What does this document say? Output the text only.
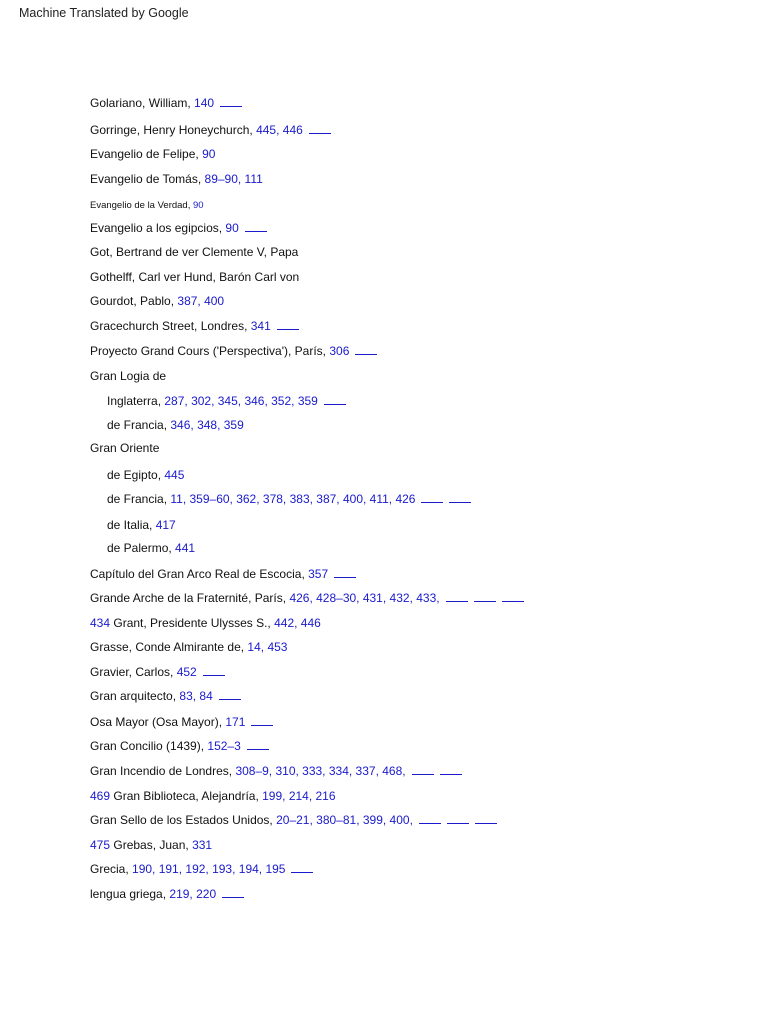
Machine Translated by Google
Golariano, William, 140
Gorringe, Henry Honeychurch, 445, 446
Evangelio de Felipe, 90
Evangelio de Tomás, 89–90, 111
Evangelio de la Verdad, 90
Evangelio a los egipcios, 90
Got, Bertrand de ver Clemente V, Papa
Gothelff, Carl ver Hund, Barón Carl von
Gourdot, Pablo, 387, 400
Gracechurch Street, Londres, 341
Proyecto Grand Cours ('Perspectiva'), París, 306
Gran Logia de
Inglaterra, 287, 302, 345, 346, 352, 359
de Francia, 346, 348, 359
Gran Oriente
de Egipto, 445
de Francia, 11, 359–60, 362, 378, 383, 387, 400, 411, 426
de Italia, 417
de Palermo, 441
Capítulo del Gran Arco Real de Escocia, 357
Grande Arche de la Fraternité, París, 426, 428–30, 431, 432, 433,
434 Grant, Presidente Ulysses S., 442, 446
Grasse, Conde Almirante de, 14, 453
Gravier, Carlos, 452
Gran arquitecto, 83, 84
Osa Mayor (Osa Mayor), 171
Gran Concilio (1439), 152–3
Gran Incendio de Londres, 308–9, 310, 333, 334, 337, 468,
469 Gran Biblioteca, Alejandría, 199, 214, 216
Gran Sello de los Estados Unidos, 20–21, 380–81, 399, 400,
475 Grebas, Juan, 331
Grecia, 190, 191, 192, 193, 194, 195
lengua griega, 219, 220
